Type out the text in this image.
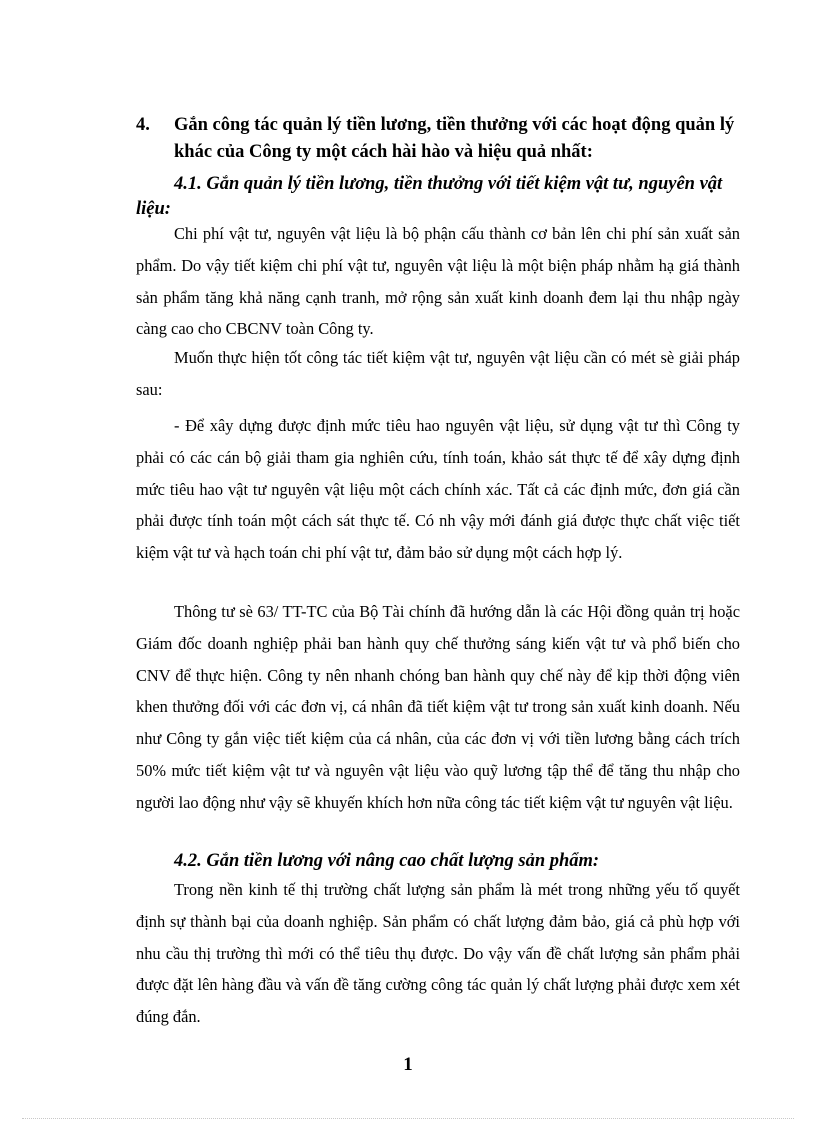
4. Gắn công tác quản lý tiền lương, tiền thưởng với các hoạt động quản lý khác của Công ty một cách hài hào và hiệu quả nhất:
4.1. Gắn quản lý tiền lương, tiền thưởng với tiết kiệm vật tư, nguyên vật liệu:

Chi phí vật tư, nguyên vật liệu là bộ phận cấu thành cơ bản lên chi phí sản xuất sản phẩm. Do vậy tiết kiệm chi phí vật tư, nguyên vật liệu là một biện pháp nhằm hạ giá thành sản phẩm tăng khả năng cạnh tranh, mở rộng sản xuất kinh doanh đem lại thu nhập ngày càng cao cho CBCNV toàn Công ty.

Muốn thực hiện tốt công tác tiết kiệm vật tư, nguyên vật liệu cần có mét sè giải pháp sau:

- Để xây dựng được định mức tiêu hao nguyên vật liệu, sử dụng vật tư thì Công ty phải có các cán bộ giải tham gia nghiên cứu, tính toán, khảo sát thực tế để xây dựng định mức tiêu hao vật tư nguyên vật liệu một cách chính xác. Tất cả các định mức, đơn giá cần phải được tính toán một cách sát thực tế. Có nh vậy mới đánh giá được thực chất việc tiết kiệm vật tư và hạch toán chi phí vật tư, đảm bảo sử dụng một cách hợp lý.

Thông tư sè 63/ TT-TC của Bộ Tài chính đã hướng dẫn là các Hội đồng quản trị hoặc Giám đốc doanh nghiệp phải ban hành quy chế thưởng sáng kiến vật tư và phổ biến cho CNV để thực hiện. Công ty nên nhanh chóng ban hành quy chế này để kịp thời động viên khen thưởng đối với các đơn vị, cá nhân đã tiết kiệm vật tư trong sản xuất kinh doanh. Nếu như Công ty gắn việc tiết kiệm của cá nhân, của các đơn vị với tiền lương bằng cách trích 50% mức tiết kiệm vật tư và nguyên vật liệu vào quỹ lương tập thể để tăng thu nhập cho người lao động như vậy sẽ khuyến khích hơn nữa công tác tiết kiệm vật tư nguyên vật liệu.

4.2. Gắn tiền lương với nâng cao chất lượng sản phẩm:

Trong nền kinh tế thị trường chất lượng sản phẩm là mét trong những yếu tố quyết định sự thành bại của doanh nghiệp. Sản phẩm có chất lượng đảm bảo, giá cả phù hợp với nhu cầu thị trường thì mới có thể tiêu thụ được. Do vậy vấn đề chất lượng sản phẩm phải được đặt lên hàng đầu và vấn đề tăng cường công tác quản lý chất lượng phải được xem xét đúng đắn.

1
